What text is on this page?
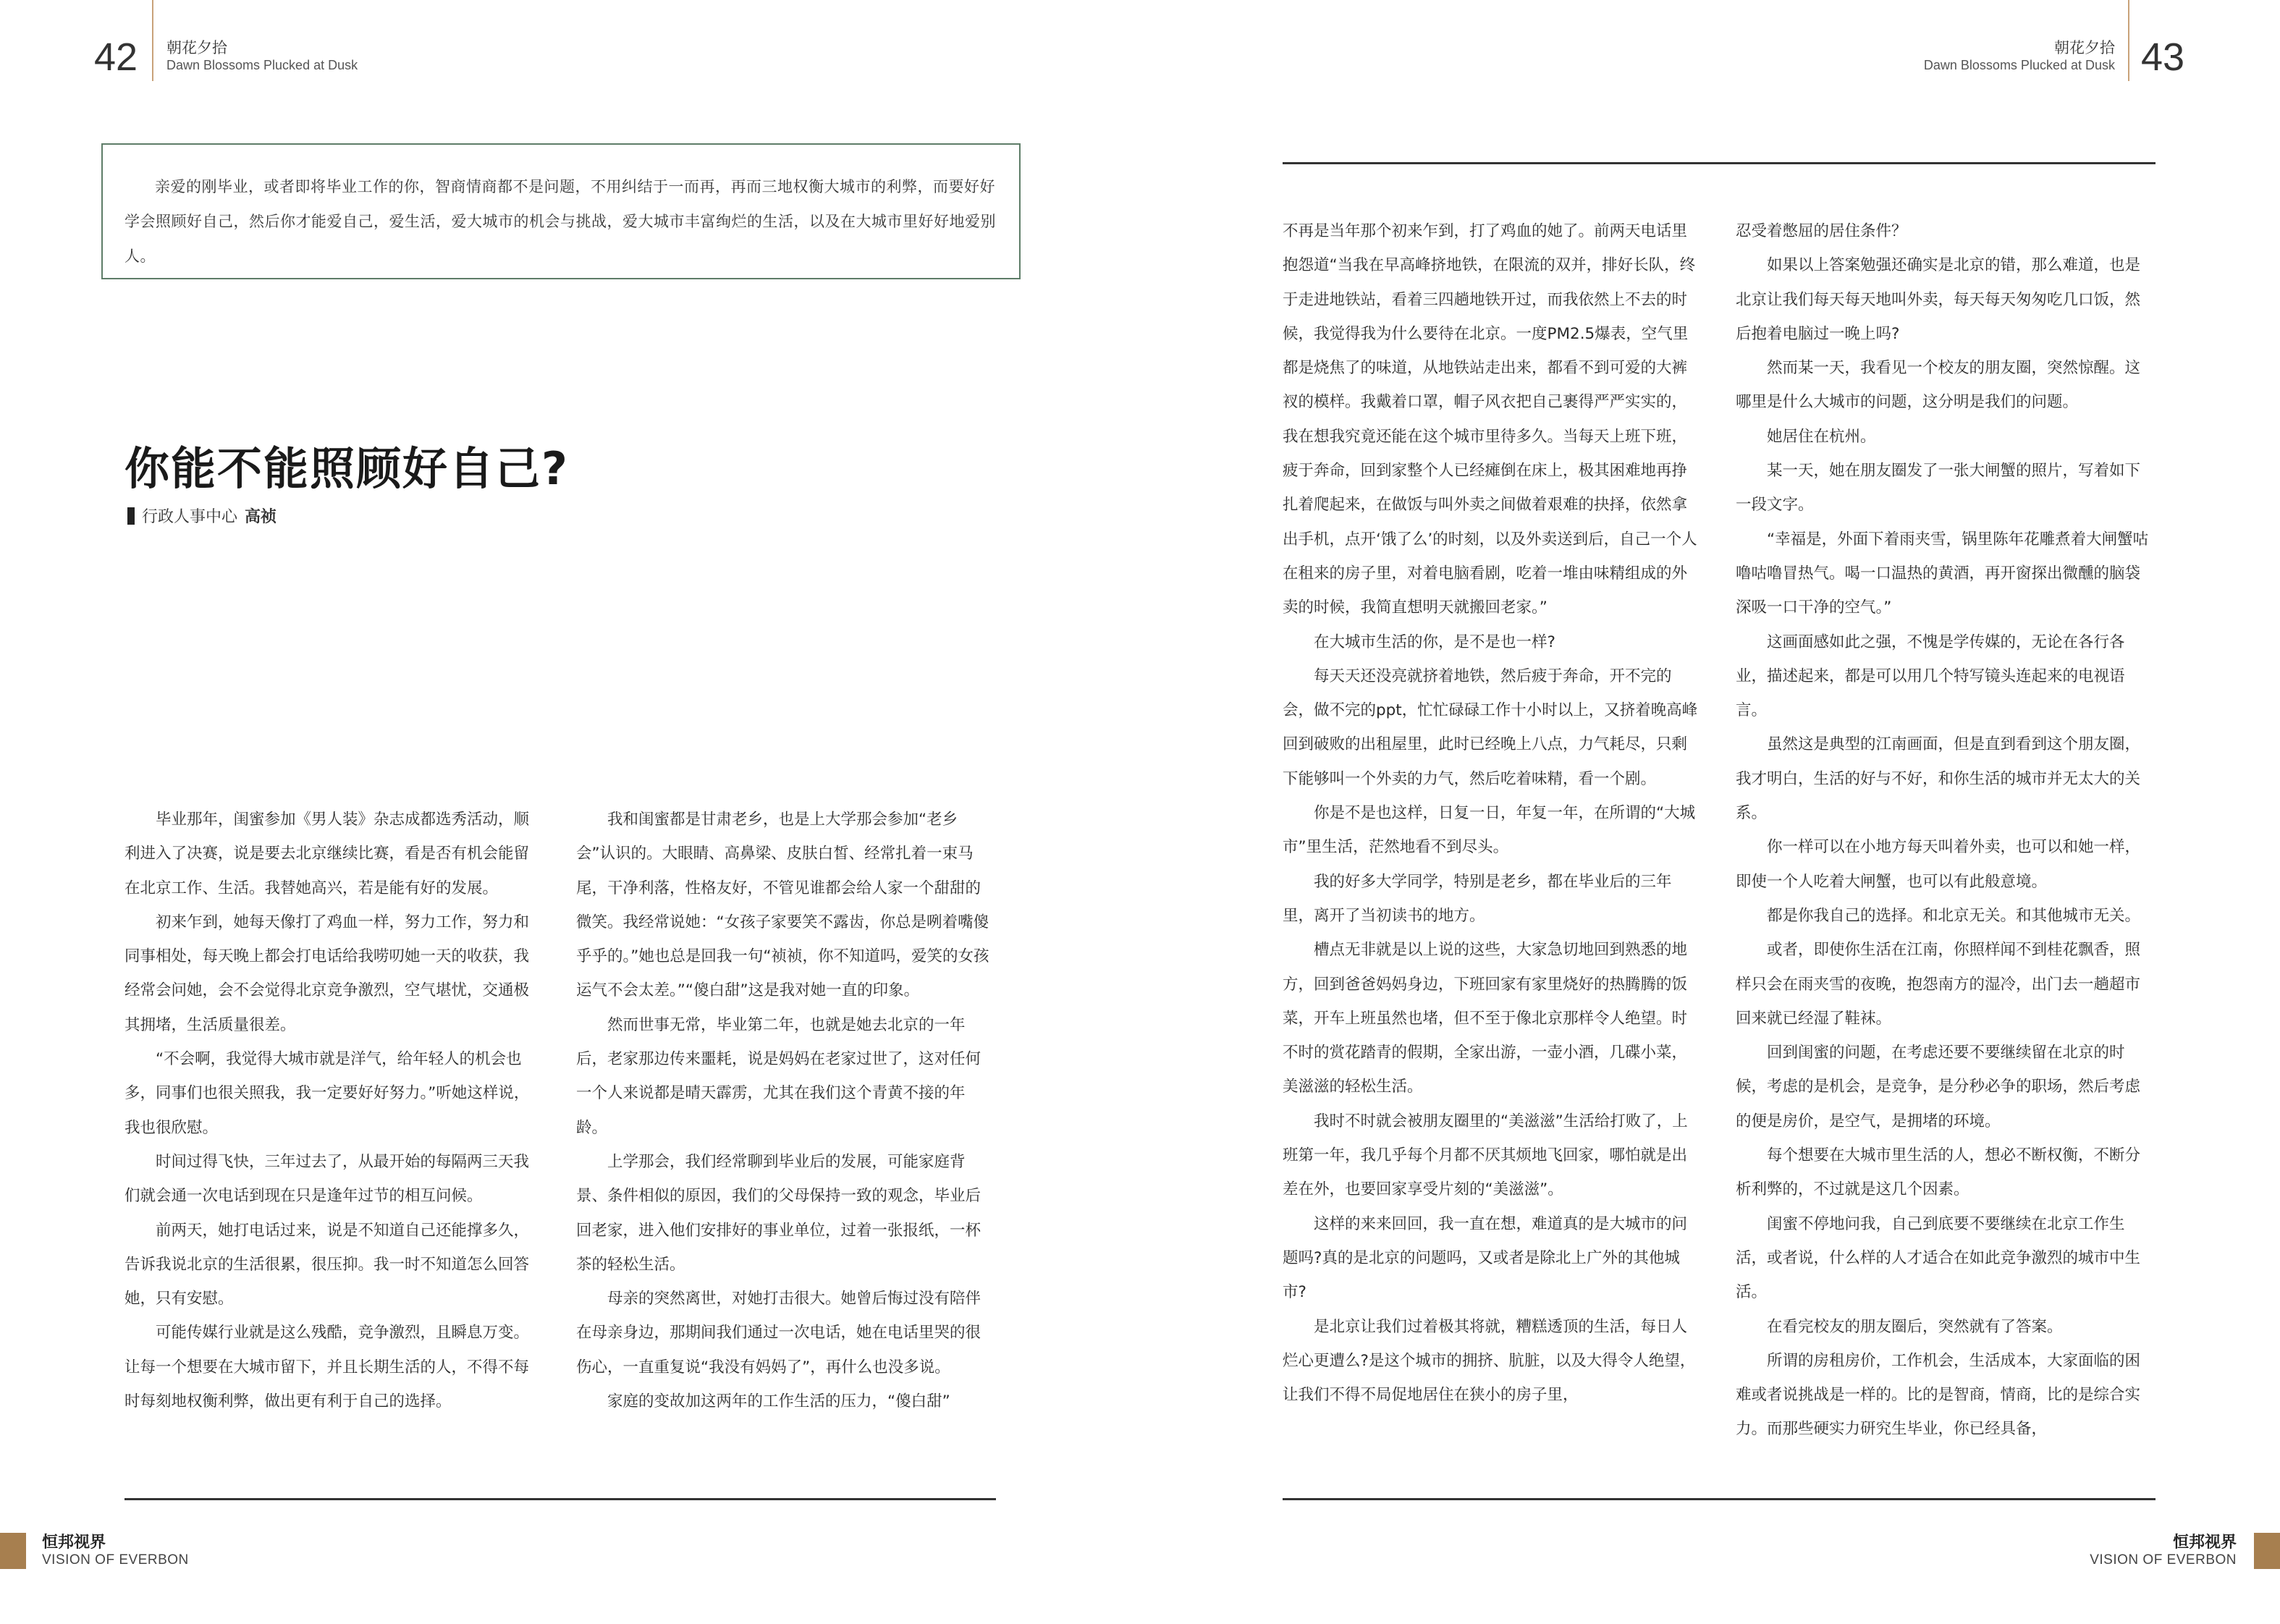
42 朝花夕拾
Dawn Blossoms Plucked at Dusk
朝花夕拾
Dawn Blossoms Plucked at Dusk 43

亲爱的刚毕业，或者即将毕业工作的你，智商情商都不是问题，不用纠结于一而再，再而三地权衡大城市的利弊，而要好好学会照顾好自己，然后你才能爱自己，爱生活，爱大城市的机会与挑战，爱大城市丰富绚烂的生活，以及在大城市里好好地爱别人。

你能不能照顾好自己?
行政人事中心 高祯

毕业那年，闺蜜参加《男人装》杂志成都选秀活动，顺利进入了决赛，说是要去北京继续比赛，看是否有机会能留在北京工作、生活。我替她高兴，若是能有好的发展。

初来乍到，她每天像打了鸡血一样，努力工作，努力和同事相处，每天晚上都会打电话给我唠叨她一天的收获，我经常会问她，会不会觉得北京竞争激烈，空气堪忧，交通极其拥堵，生活质量很差。

“不会啊，我觉得大城市就是洋气，给年轻人的机会也多，同事们也很关照我，我一定要好好努力。”听她这样说，我也很欣慰。

时间过得飞快，三年过去了，从最开始的每隔两三天我们就会通一次电话到现在只是逢年过节的相互问候。

前两天，她打电话过来，说是不知道自己还能撑多久，告诉我说北京的生活很累，很压抑。我一时不知道怎么回答她，只有安慰。

可能传媒行业就是这么残酷，竞争激烈，且瞬息万变。让每一个想要在大城市留下，并且长期生活的人，不得不每时每刻地权衡利弊，做出更有利于自己的选择。

我和闺蜜都是甘肃老乡，也是上大学那会参加“老乡会”认识的。大眼睛、高鼻梁、皮肤白皙、经常扎着一束马尾，干净利落，性格友好，不管见谁都会给人家一个甜甜的微笑。我经常说她：“女孩子家要笑不露齿，你总是咧着嘴傻乎乎的。”她也总是回我一句“祯祯，你不知道吗，爱笑的女孩运气不会太差。”“傻白甜”这是我对她一直的印象。

然而世事无常，毕业第二年，也就是她去北京的一年后，老家那边传来噩耗，说是妈妈在老家过世了，这对任何一个人来说都是晴天霹雳，尤其在我们这个青黄不接的年龄。

上学那会，我们经常聊到毕业后的发展，可能家庭背景、条件相似的原因，我们的父母保持一致的观念，毕业后回老家，进入他们安排好的事业单位，过着一张报纸，一杯茶的轻松生活。

母亲的突然离世，对她打击很大。她曾后悔过没有陪伴在母亲身边，那期间我们通过一次电话，她在电话里哭的很伤心，一直重复说“我没有妈妈了”，再什么也没多说。

家庭的变故加这两年的工作生活的压力，“傻白甜”

不再是当年那个初来乍到，打了鸡血的她了。前两天电话里抱怨道“当我在早高峰挤地铁，在限流的双并，排好长队，终于走进地铁站，看着三四趟地铁开过，而我依然上不去的时候，我觉得我为什么要待在北京。一度PM2.5爆表，空气里都是烧焦了的味道，从地铁站走出来，都看不到可爱的大裤衩的模样。我戴着口罩，帽子风衣把自己裹得严严实实的，我在想我究竟还能在这个城市里待多久。当每天上班下班，疲于奔命，回到家整个人已经瘫倒在床上，极其困难地再挣扎着爬起来，在做饭与叫外卖之间做着艰难的抉择，依然拿出手机，点开‘饿了么’的时刻，以及外卖送到后，自己一个人在租来的房子里，对着电脑看剧，吃着一堆由味精组成的外卖的时候，我简直想明天就搬回老家。”

在大城市生活的你，是不是也一样?

每天天还没亮就挤着地铁，然后疲于奔命，开不完的会，做不完的ppt，忙忙碌碌工作十小时以上，又挤着晚高峰回到破败的出租屋里，此时已经晚上八点，力气耗尽，只剩下能够叫一个外卖的力气，然后吃着味精，看一个剧。

你是不是也这样，日复一日，年复一年，在所谓的“大城市”里生活，茫然地看不到尽头。

我的好多大学同学，特别是老乡，都在毕业后的三年里，离开了当初读书的地方。

槽点无非就是以上说的这些，大家急切地回到熟悉的地方，回到爸爸妈妈身边，下班回家有家里烧好的热腾腾的饭菜，开车上班虽然也堵，但不至于像北京那样令人绝望。时不时的赏花踏青的假期，全家出游，一壶小酒，几碟小菜，美滋滋的轻松生活。

我时不时就会被朋友圈里的“美滋滋”生活给打败了，上班第一年，我几乎每个月都不厌其烦地飞回家，哪怕就是出差在外，也要回家享受片刻的“美滋滋”。

这样的来来回回，我一直在想，难道真的是大城市的问题吗?真的是北京的问题吗，又或者是除北上广外的其他城市?

是北京让我们过着极其将就，糟糕透顶的生活，每日人烂心更遭么?是这个城市的拥挤、肮脏，以及大得令人绝望，让我们不得不局促地居住在狭小的房子里，

忍受着憋屈的居住条件？

如果以上答案勉强还确实是北京的错，那么难道，也是北京让我们每天每天地叫外卖，每天每天匆匆吃几口饭，然后抱着电脑过一晚上吗?

然而某一天，我看见一个校友的朋友圈，突然惊醒。这哪里是什么大城市的问题，这分明是我们的问题。

她居住在杭州。

某一天，她在朋友圈发了一张大闸蟹的照片，写着如下一段文字。

“幸福是，外面下着雨夹雪，锅里陈年花雕煮着大闸蟹咕噜咕噜冒热气。喝一口温热的黄酒，再开窗探出微醺的脑袋深吸一口干净的空气。”

这画面感如此之强，不愧是学传媒的，无论在各行各业，描述起来，都是可以用几个特写镜头连起来的电视语言。

虽然这是典型的江南画面，但是直到看到这个朋友圈，我才明白，生活的好与不好，和你生活的城市并无太大的关系。

你一样可以在小地方每天叫着外卖，也可以和她一样，即使一个人吃着大闸蟹，也可以有此般意境。

都是你我自己的选择。和北京无关。和其他城市无关。

或者，即使你生活在江南，你照样闻不到桂花飘香，照样只会在雨夹雪的夜晚，抱怨南方的湿冷，出门去一趟超市回来就已经湿了鞋袜。

回到闺蜜的问题，在考虑还要不要继续留在北京的时候，考虑的是机会，是竞争，是分秒必争的职场，然后考虑的便是房价，是空气，是拥堵的环境。

每个想要在大城市里生活的人，想必不断权衡，不断分析利弊的，不过就是这几个因素。

闺蜜不停地问我，自己到底要不要继续在北京工作生活，或者说，什么样的人才适合在如此竞争激烈的城市中生活。

在看完校友的朋友圈后，突然就有了答案。

所谓的房租房价，工作机会，生活成本，大家面临的困难或者说挑战是一样的。比的是智商，情商，比的是综合实力。而那些硬实力研究生毕业，你已经具备，

恒邦视界
VISION OF EVERBON
恒邦视界
VISION OF EVERBON
